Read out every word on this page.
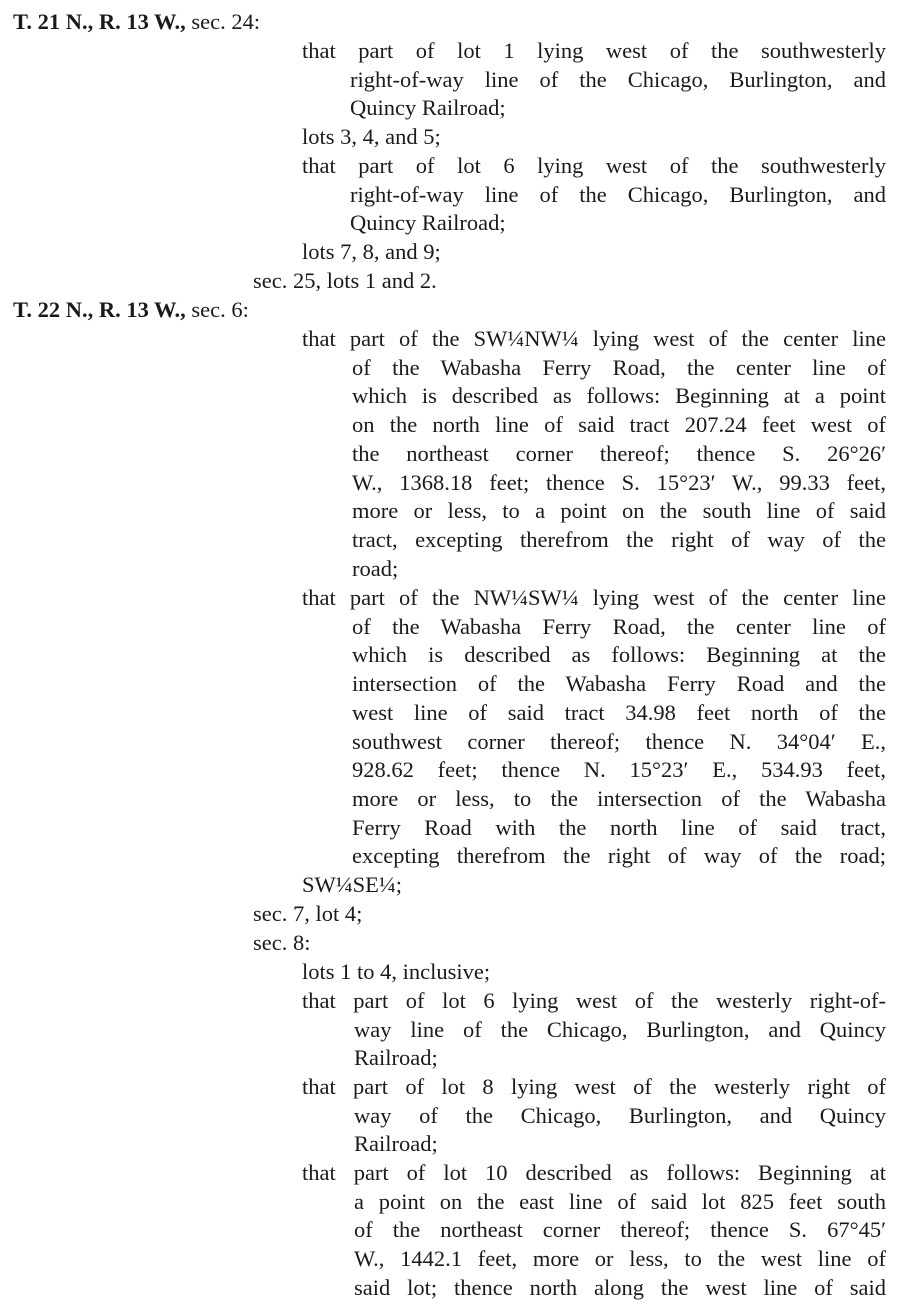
T. 21 N., R. 13 W., sec. 24:
that part of lot 1 lying west of the southwesterly
right-of-way line of the Chicago, Burlington, and
Quincy Railroad;
lots 3, 4, and 5;
that part of lot 6 lying west of the southwesterly
right-of-way line of the Chicago, Burlington, and
Quincy Railroad;
lots 7, 8, and 9;
sec. 25, lots 1 and 2.
T. 22 N., R. 13 W., sec. 6:
that part of the SW¼NW¼ lying west of the center line
of the Wabasha Ferry Road, the center line of
which is described as follows: Beginning at a point
on the north line of said tract 207.24 feet west of
the northeast corner thereof; thence S. 26°26′
W., 1368.18 feet; thence S. 15°23′ W., 99.33 feet,
more or less, to a point on the south line of said
tract, excepting therefrom the right of way of the
road;
that part of the NW¼SW¼ lying west of the center line
of the Wabasha Ferry Road, the center line of
which is described as follows: Beginning at the
intersection of the Wabasha Ferry Road and the
west line of said tract 34.98 feet north of the
southwest corner thereof; thence N. 34°04′ E.,
928.62 feet; thence N. 15°23′ E., 534.93 feet,
more or less, to the intersection of the Wabasha
Ferry Road with the north line of said tract,
excepting therefrom the right of way of the road;
SW¼SE¼;
sec. 7, lot 4;
sec. 8:
lots 1 to 4, inclusive;
that part of lot 6 lying west of the westerly right-of-
way line of the Chicago, Burlington, and Quincy
Railroad;
that part of lot 8 lying west of the westerly right of
way of the Chicago, Burlington, and Quincy
Railroad;
that part of lot 10 described as follows: Beginning at
a point on the east line of said lot 825 feet south
of the northeast corner thereof; thence S. 67°45′
W., 1442.1 feet, more or less, to the west line of
said lot; thence north along the west line of said
